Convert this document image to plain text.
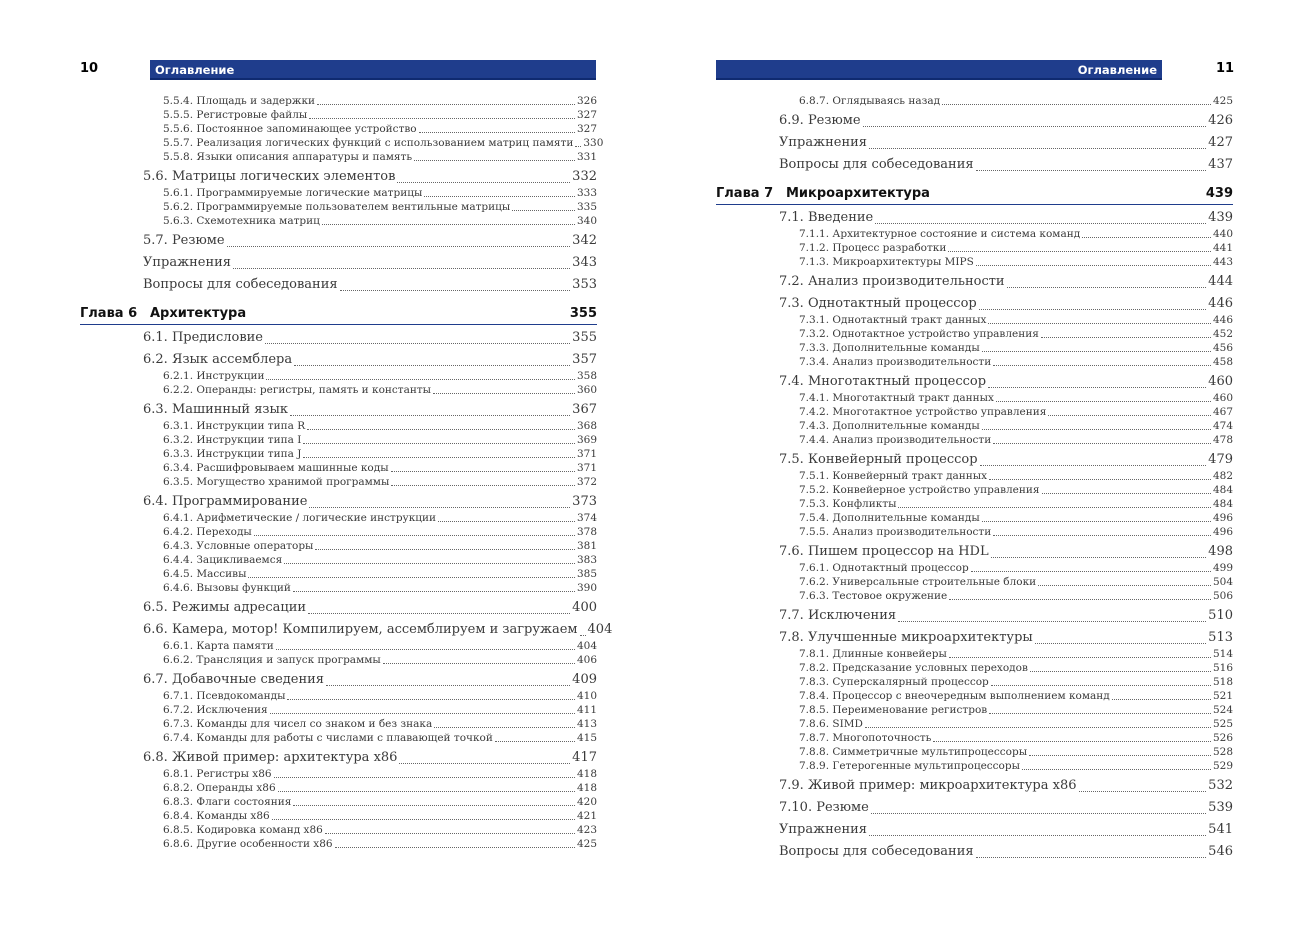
10	Оглавление
5.5.4. Площадь и задержки	326
5.5.5. Регистровые файлы	327
5.5.6. Постоянное запоминающее устройство	327
5.5.7. Реализация логических функций с использованием матриц памяти 330
5.5.8. Языки описания аппаратуры и память	331
5.6. Матрицы логических элементов	332
5.6.1. Программируемые логические матрицы	333
5.6.2. Программируемые пользователем вентильные матрицы	335
5.6.3. Схемотехника матриц	340
5.7. Резюме	342
Упражнения	343
Вопросы для собеседования	353
Глава 6 Архитектура	355
6.1. Предисловие	355
6.2. Язык ассемблера	357
6.2.1. Инструкции	358
6.2.2. Операнды: регистры, память и константы	360
6.3. Машинный язык	367
6.3.1. Инструкции типа R	368
6.3.2. Инструкции типа I	369
6.3.3. Инструкции типа J	371
6.3.4. Расшифровываем машинные коды	371
6.3.5. Могущество хранимой программы	372
6.4. Программирование	373
6.4.1. Арифметические / логические инструкции	374
6.4.2. Переходы	378
6.4.3. Условные операторы	381
6.4.4. Зацикливаемся	383
6.4.5. Массивы	385
6.4.6. Вызовы функций	390
6.5. Режимы адресации	400
6.6. Камера, мотор! Компилируем, ассемблируем и загружаем 404
6.6.1. Карта памяти	404
6.6.2. Трансляция и запуск программы	406
6.7. Добавочные сведения	409
6.7.1. Псевдокоманды	410
6.7.2. Исключения	411
6.7.3. Команды для чисел со знаком и без знака	413
6.7.4. Команды для работы с числами с плавающей точкой	415
6.8. Живой пример: архитектура x86	417
6.8.1. Регистры x86	418
6.8.2. Операнды x86	418
6.8.3. Флаги состояния	420
6.8.4. Команды x86	421
6.8.5. Кодировка команд x86	423
6.8.6. Другие особенности x86	425
11
Оглавление
6.8.7. Оглядываясь назад	425
6.9. Резюме	426
Упражнения	427
Вопросы для собеседования	437
Глава 7 Микроархитектура	439
7.1. Введение	439
7.1.1. Архитектурное состояние и система команд	440
7.1.2. Процесс разработки	441
7.1.3. Микроархитектуры MIPS	443
7.2. Анализ производительности	444
7.3. Однотактный процессор	446
7.3.1. Однотактный тракт данных	446
7.3.2. Однотактное устройство управления	452
7.3.3. Дополнительные команды	456
7.3.4. Анализ производительности	458
7.4. Многотактный процессор	460
7.4.1. Многотактный тракт данных	460
7.4.2. Многотактное устройство управления	467
7.4.3. Дополнительные команды	474
7.4.4. Анализ производительности	478
7.5. Конвейерный процессор	479
7.5.1. Конвейерный тракт данных	482
7.5.2. Конвейерное устройство управления	484
7.5.3. Конфликты	484
7.5.4. Дополнительные команды	496
7.5.5. Анализ производительности	496
7.6. Пишем процессор на HDL	498
7.6.1. Однотактный процессор	499
7.6.2. Универсальные строительные блоки	504
7.6.3. Тестовое окружение	506
7.7. Исключения	510
7.8. Улучшенные микроархитектуры	513
7.8.1. Длинные конвейеры	514
7.8.2. Предсказание условных переходов	516
7.8.3. Суперскалярный процессор	518
7.8.4. Процессор с внеочередным выполнением команд	521
7.8.5. Переименование регистров	524
7.8.6. SIMD	525
7.8.7. Многопоточность	526
7.8.8. Симметричные мультипроцессоры	528
7.8.9. Гетерогенные мультипроцессоры	529
7.9. Живой пример: микроархитектура x86	532
7.10. Резюме	539
Упражнения	541
Вопросы для собеседования	546
